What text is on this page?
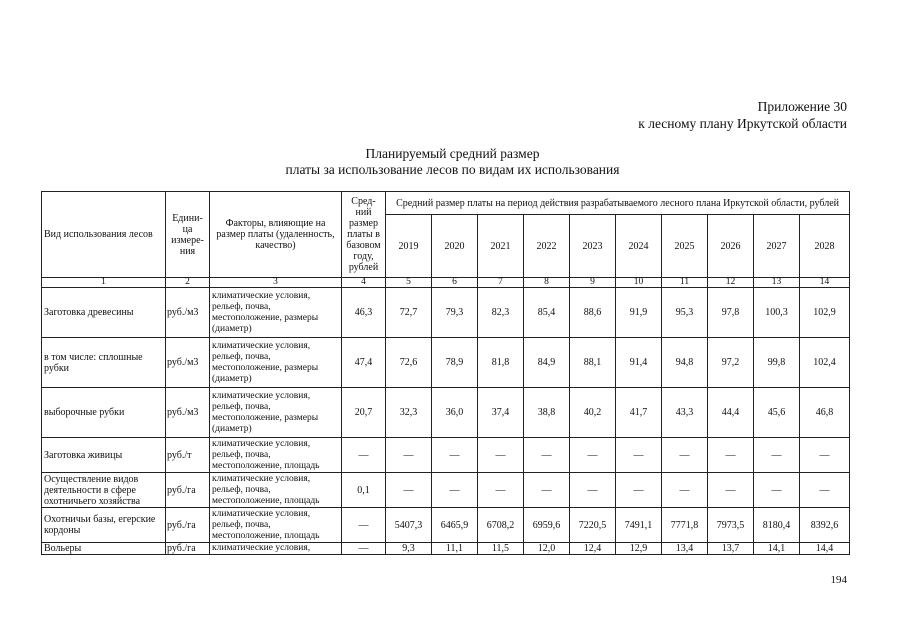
Приложение 30
к лесному плану Иркутской области
Планируемый средний размер
платы за использование лесов по видам их использования
Вид использования лесов	Едини-ца измере-ния	Факторы, влияющие на размер платы (удаленность, качество)	Сред-ний размер платы в базовом году, рублей	Средний размер платы на период действия разрабатываемого лесного плана Иркутской области, рублей									
				2019	2020	2021	2022	2023	2024	2025	2026	2027	2028
1	2	3	4	5	6	7	8	9	10	11	12	13	14
Заготовка древесины	руб./м3	климатические условия, рельеф, почва, местоположение, размеры (диаметр)	46,3	72,7	79,3	82,3	85,4	88,6	91,9	95,3	97,8	100,3	102,9
в том числе: сплошные рубки	руб./м3	климатические условия, рельеф, почва, местоположение, размеры (диаметр)	47,4	72,6	78,9	81,8	84,9	88,1	91,4	94,8	97,2	99,8	102,4
выборочные рубки	руб./м3	климатические условия, рельеф, почва, местоположение, размеры (диаметр)	20,7	32,3	36,0	37,4	38,8	40,2	41,7	43,3	44,4	45,6	46,8
Заготовка живицы	руб./т	климатические условия, рельеф, почва, местоположение, площадь	—	—	—	—	—	—	—	—	—	—	—
Осуществление видов деятельности в сфере охотничьего хозяйства	руб./га	климатические условия, рельеф, почва, местоположение, площадь	0,1	—	—	—	—	—	—	—	—	—	—
Охотничьи базы, егерские кордоны	руб./га	климатические условия, рельеф, почва, местоположение, площадь	—	5407,3	6465,9	6708,2	6959,6	7220,5	7491,1	7771,8	7973,5	8180,4	8392,6
Вольеры	руб./га	климатические условия,	—	9,3	11,1	11,5	12,0	12,4	12,9	13,4	13,7	14,1	14,4
194
